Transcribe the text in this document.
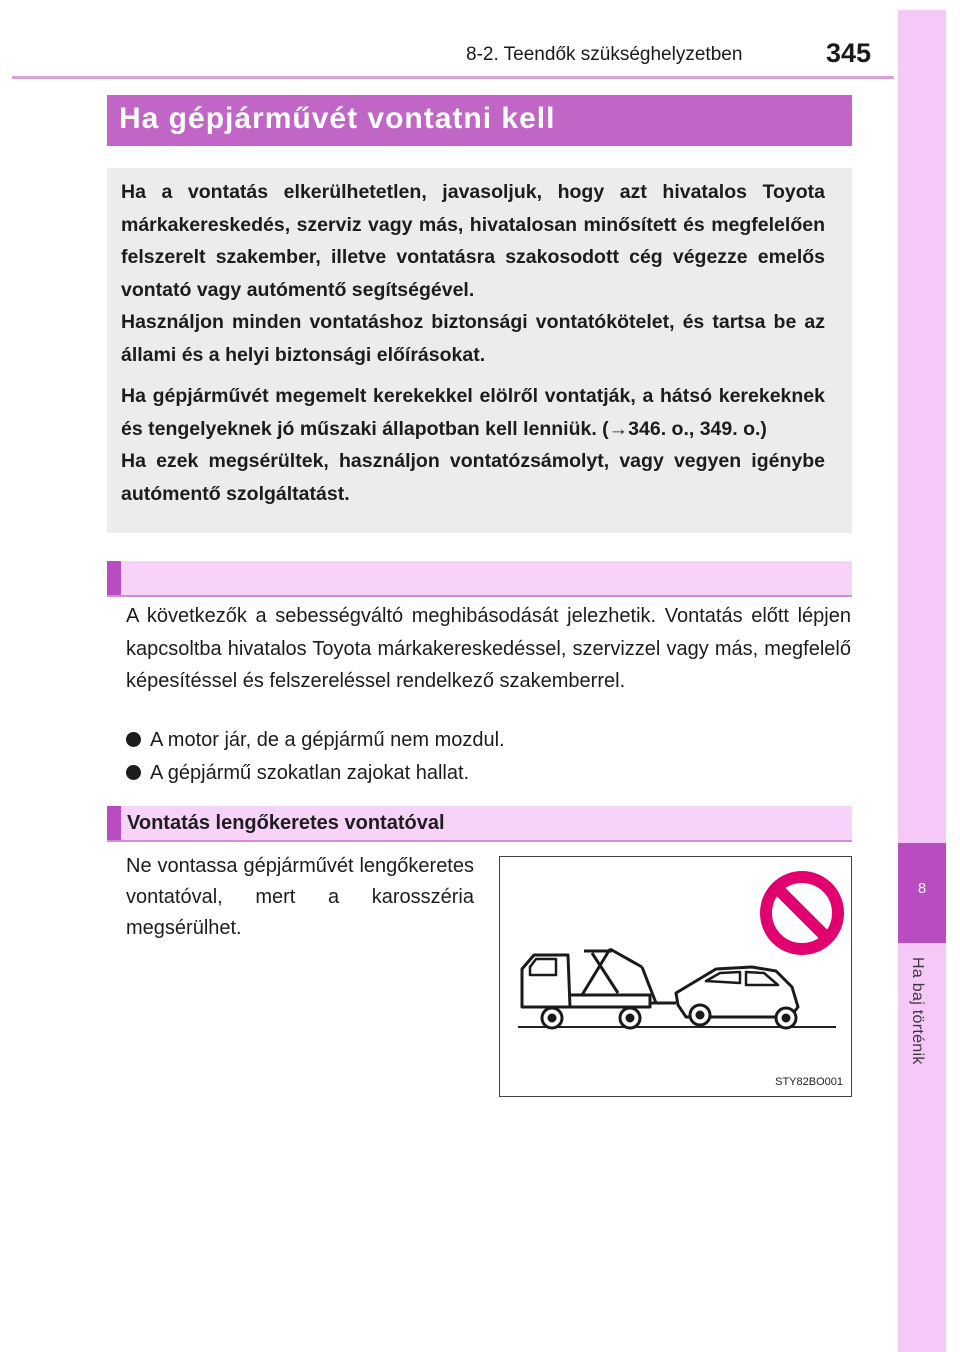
8-2. Teendők szükséghelyzetben	345
8
Ha baj történik
Ha gépjárművét vontatni kell

Ha a vontatás elkerülhetetlen, javasoljuk, hogy azt hivatalos Toyota márkakereskedés, szerviz vagy más, hivatalosan minősített és megfelelően felszerelt szakember, illetve vontatásra szakosodott cég végezze emelős vontató vagy autómentő segítségével.

Használjon minden vontatáshoz biztonsági vontatókötelet, és tartsa be az állami és a helyi biztonsági előírásokat.

Ha gépjárművét megemelt kerekekkel elölről vontatják, a hátsó kerekeknek és tengelyeknek jó műszaki állapotban kell lenniük. (→346. o., 349. o.)

Ha ezek megsérültek, használjon vontatózsámolyt, vagy vegyen igénybe autómentő szolgáltatást.

A következők a sebességváltó meghibásodását jelezhetik. Vontatás előtt lépjen kapcsoltba hivatalos Toyota márkakereskedéssel, szervizzel vagy más, megfelelő képesítéssel és felszereléssel rendelkező szakemberrel.
A motor jár, de a gépjármű nem mozdul.
A gépjármű szokatlan zajokat hallat.
Vontatás lengőkeretes vontatóval
Ne vontassa gépjárművét lengőkeretes vontatóval, mert a karosszéria megsérülhet.
STY82BO001
